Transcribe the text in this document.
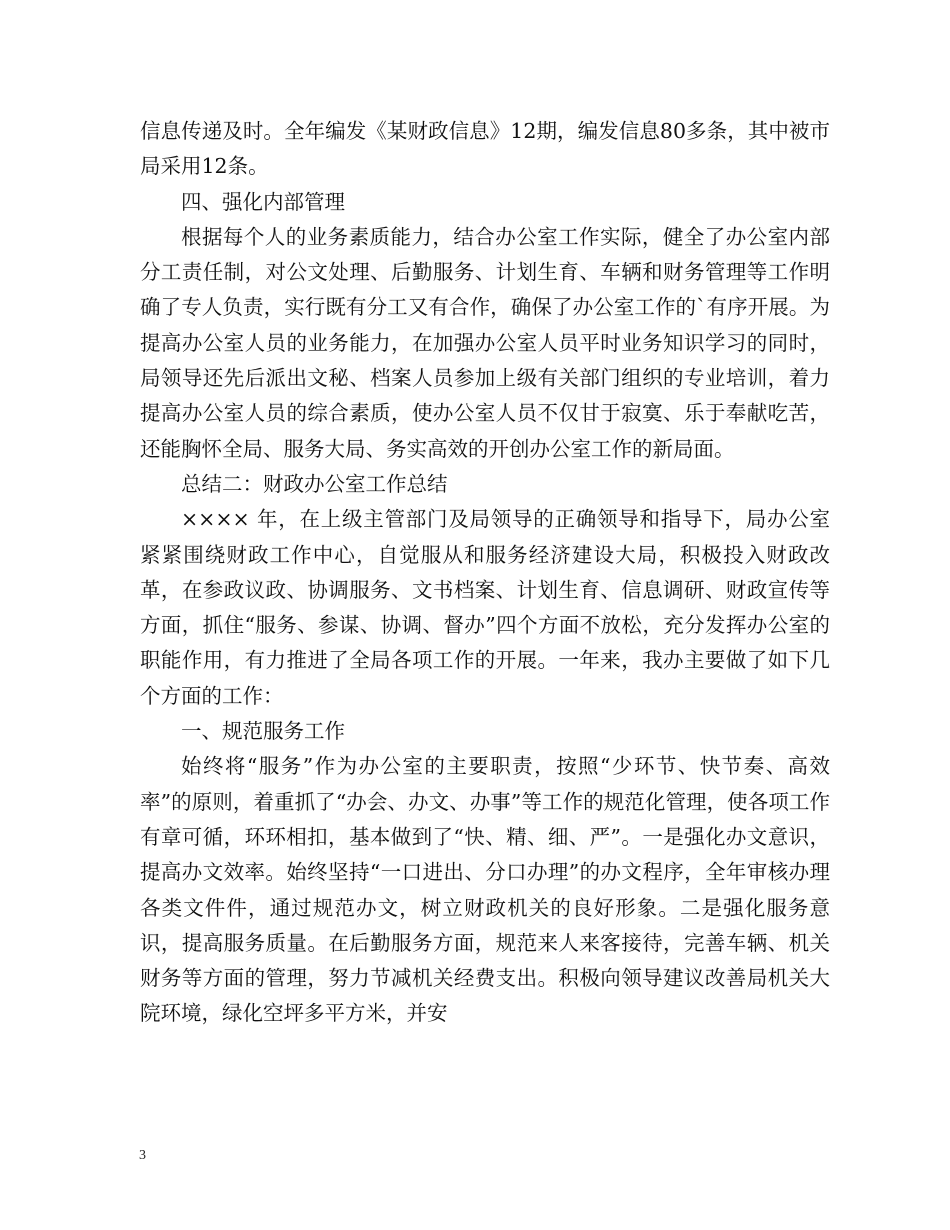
信息传递及时。全年编发《某财政信息》12期，编发信息80多条，其中被市局采用12条。

四、强化内部管理

根据每个人的业务素质能力，结合办公室工作实际，健全了办公室内部分工责任制，对公文处理、后勤服务、计划生育、车辆和财务管理等工作明确了专人负责，实行既有分工又有合作，确保了办公室工作的`有序开展。为提高办公室人员的业务能力，在加强办公室人员平时业务知识学习的同时，局领导还先后派出文秘、档案人员参加上级有关部门组织的专业培训，着力提高办公室人员的综合素质，使办公室人员不仅甘于寂寞、乐于奉献吃苦，还能胸怀全局、服务大局、务实高效的开创办公室工作的新局面。

总结二：财政办公室工作总结

×××× 年，在上级主管部门及局领导的正确领导和指导下，局办公室紧紧围绕财政工作中心，自觉服从和服务经济建设大局，积极投入财政改革，在参政议政、协调服务、文书档案、计划生育、信息调研、财政宣传等方面，抓住“服务、参谋、协调、督办”四个方面不放松，充分发挥办公室的职能作用，有力推进了全局各项工作的开展。一年来，我办主要做了如下几个方面的工作：

一、规范服务工作

始终将“服务”作为办公室的主要职责，按照“少环节、快节奏、高效率”的原则，着重抓了“办会、办文、办事”等工作的规范化管理，使各项工作有章可循，环环相扣，基本做到了“快、精、细、严”。一是强化办文意识，提高办文效率。始终坚持“一口进出、分口办理”的办文程序，全年审核办理各类文件件，通过规范办文，树立财政机关的良好形象。二是强化服务意识，提高服务质量。在后勤服务方面，规范来人来客接待，完善车辆、机关财务等方面的管理，努力节减机关经费支出。积极向领导建议改善局机关大院环境，绿化空坪多平方米，并安

3
